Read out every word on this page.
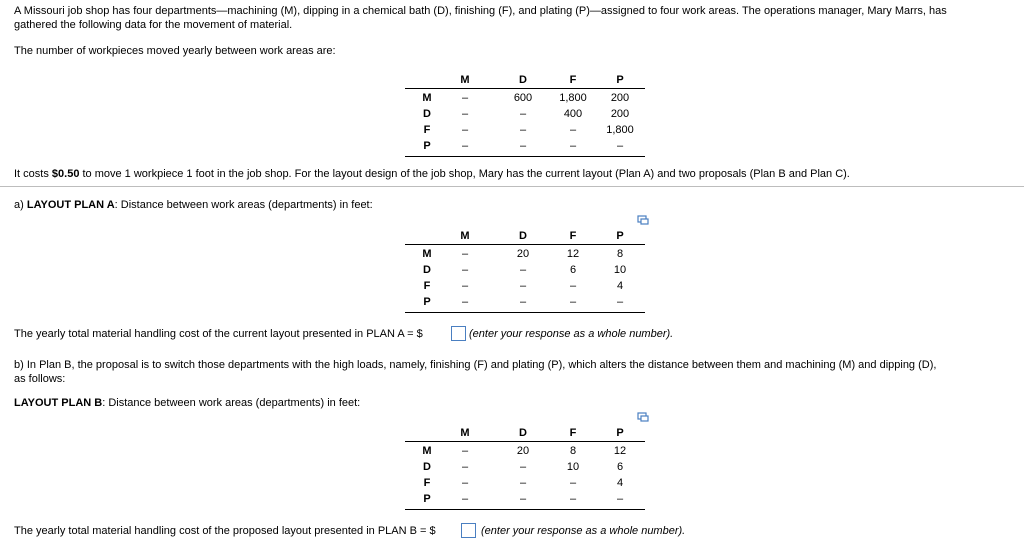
A Missouri job shop has four departments—machining (M), dipping in a chemical bath (D), finishing (F), and plating (P)—assigned to four work areas. The operations manager, Mary Marrs, has
gathered the following data for the movement of material.
The number of workpieces moved yearly between work areas are:
M	D	F	P
M	–	600	1,800	200
D	–	–	400	200
F	–	–	–	1,800
P	–	–	–	–
It costs $0.50 to move 1 workpiece 1 foot in the job shop. For the layout design of the job shop, Mary has the current layout (Plan A) and two proposals (Plan B and Plan C).
a) LAYOUT PLAN A: Distance between work areas (departments) in feet:
M	D	F	P
M	–	20	12	8
D	–	–	6	10
F	–	–	–	4
P	–	–	–	–
The yearly total material handling cost of the current layout presented in PLAN A = $	(enter your response as a whole number).
b) In Plan B, the proposal is to switch those departments with the high loads, namely, finishing (F) and plating (P), which alters the distance between them and machining (M) and dipping (D),
as follows:
LAYOUT PLAN B: Distance between work areas (departments) in feet:
M	D	F	P
M	–	20	8	12
D	–	–	10	6
F	–	–	–	4
P	–	–	–	–
The yearly total material handling cost of the proposed layout presented in PLAN B = $	(enter your response as a whole number).
